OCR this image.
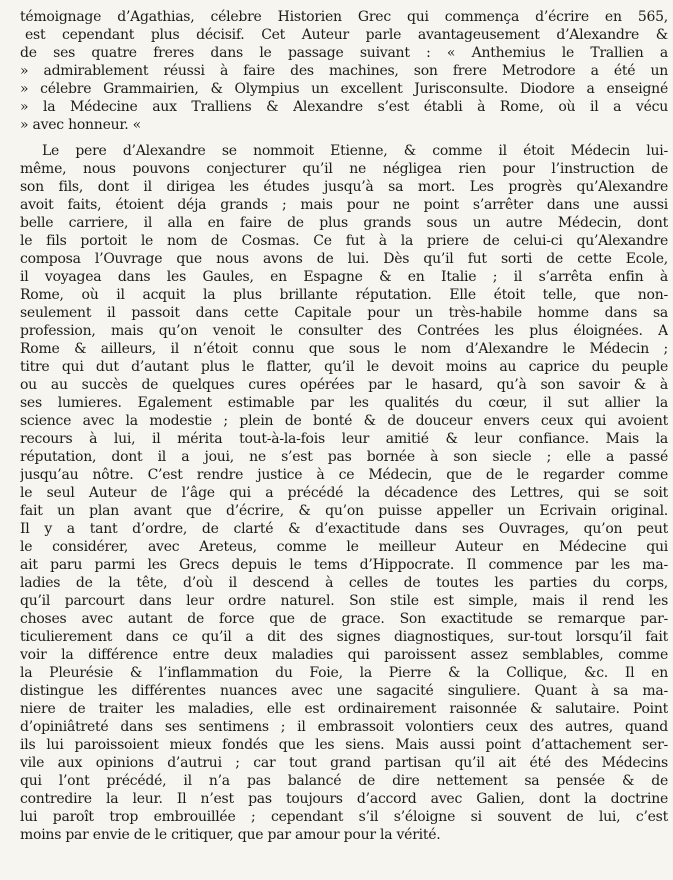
témoignage d’Agathias, célebre Historien Grec qui commença d’écrire en 565,
est cependant plus décisif. Cet Auteur parle avantageusement d’Alexandre &
de ses quatre freres dans le passage suivant : « Anthemius le Trallien a
» admirablement réussi à faire des machines, son frere Metrodore a été un
» célebre Grammairien, & Olympius un excellent Jurisconsulte. Diodore a enseigné
» la Médecine aux Tralliens & Alexandre s’est établi à Rome, où il a vécu
» avec honneur. «
Le pere d’Alexandre se nommoit Etienne, & comme il étoit Médecin lui-
même, nous pouvons conjecturer qu’il ne négligea rien pour l’instruction de
son fils, dont il dirigea les études jusqu’à sa mort. Les progrès qu’Alexandre
avoit faits, étoient déja grands ; mais pour ne point s’arrêter dans une aussi
belle carriere, il alla en faire de plus grands sous un autre Médecin, dont
le fils portoit le nom de Cosmas. Ce fut à la priere de celui-ci qu’Alexandre
composa l’Ouvrage que nous avons de lui. Dès qu’il fut sorti de cette Ecole,
il voyagea dans les Gaules, en Espagne & en Italie ; il s’arrêta enfin à
Rome, où il acquit la plus brillante réputation. Elle étoit telle, que non-
seulement il passoit dans cette Capitale pour un très-habile homme dans sa
profession, mais qu’on venoit le consulter des Contrées les plus éloignées. A
Rome & ailleurs, il n’étoit connu que sous le nom d’Alexandre le Médecin ;
titre qui dut d’autant plus le flatter, qu’il le devoit moins au caprice du peuple
ou au succès de quelques cures opérées par le hasard, qu’à son savoir & à
ses lumieres. Egalement estimable par les qualités du cœur, il sut allier la
science avec la modestie ; plein de bonté & de douceur envers ceux qui avoient
recours à lui, il mérita tout-à-la-fois leur amitié & leur confiance. Mais la
réputation, dont il a joui, ne s’est pas bornée à son siecle ; elle a passé
jusqu’au nôtre. C’est rendre justice à ce Médecin, que de le regarder comme
le seul Auteur de l’âge qui a précédé la décadence des Lettres, qui se soit
fait un plan avant que d’écrire, & qu’on puisse appeller un Ecrivain original.
Il y a tant d’ordre, de clarté & d’exactitude dans ses Ouvrages, qu’on peut
le considérer, avec Areteus, comme le meilleur Auteur en Médecine qui
ait paru parmi les Grecs depuis le tems d’Hippocrate. Il commence par les ma-
ladies de la tête, d’où il descend à celles de toutes les parties du corps,
qu’il parcourt dans leur ordre naturel. Son stile est simple, mais il rend les
choses avec autant de force que de grace. Son exactitude se remarque par-
ticulierement dans ce qu’il a dit des signes diagnostiques, sur-tout lorsqu’il fait
voir la différence entre deux maladies qui paroissent assez semblables, comme
la Pleurésie & l’inflammation du Foie, la Pierre & la Collique, &c. Il en
distingue les différentes nuances avec une sagacité singuliere. Quant à sa ma-
niere de traiter les maladies, elle est ordinairement raisonnée & salutaire. Point
d’opiniâtreté dans ses sentimens ; il embrassoit volontiers ceux des autres, quand
ils lui paroissoient mieux fondés que les siens. Mais aussi point d’attachement ser-
vile aux opinions d’autrui ; car tout grand partisan qu’il ait été des Médecins
qui l’ont précédé, il n’a pas balancé de dire nettement sa pensée & de
contredire la leur. Il n’est pas toujours d’accord avec Galien, dont la doctrine
lui paroît trop embrouillée ; cependant s’il s’éloigne si souvent de lui, c’est
moins par envie de le critiquer, que par amour pour la vérité.
